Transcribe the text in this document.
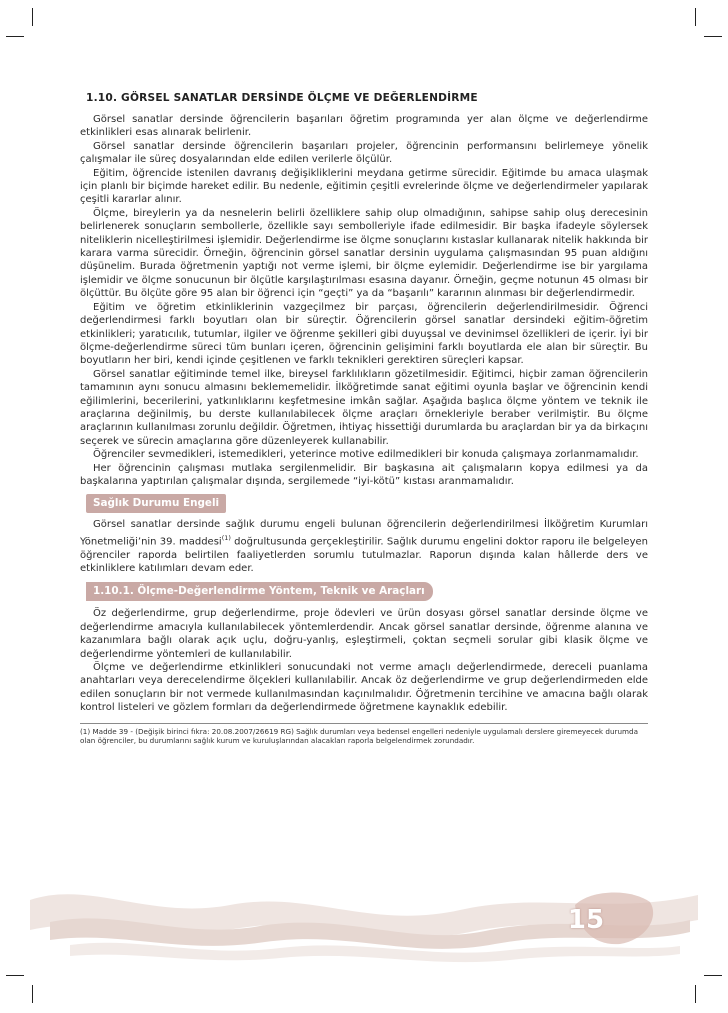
15
1.10. GÖRSEL SANATLAR DERSİNDE ÖLÇME VE DEĞERLENDİRME

Görsel sanatlar dersinde öğrencilerin başarıları öğretim programında yer alan ölçme ve değerlendirme etkinlikleri esas alınarak belirlenir.

Görsel sanatlar dersinde öğrencilerin başarıları projeler, öğrencinin performansını belirlemeye yönelik çalışmalar ile süreç dosyalarından elde edilen verilerle ölçülür.

Eğitim, öğrencide istenilen davranış değişikliklerini meydana getirme sürecidir. Eğitimde bu amaca ulaşmak için planlı bir biçimde hareket edilir. Bu nedenle, eğitimin çeşitli evrelerinde ölçme ve değerlendirmeler yapılarak çeşitli kararlar alınır.

Ölçme, bireylerin ya da nesnelerin belirli özelliklere sahip olup olmadığının, sahipse sahip oluş derecesinin belirlenerek sonuçların sembollerle, özellikle sayı sembolleriyle ifade edilmesidir. Bir başka ifadeyle söylersek niteliklerin nicelleştirilmesi işlemidir. Değerlendirme ise ölçme sonuçlarını kıstaslar kullanarak nitelik hakkında bir karara varma sürecidir. Örneğin, öğrencinin görsel sanatlar dersinin uygulama çalışmasından 95 puan aldığını düşünelim. Burada öğretmenin yaptığı not verme işlemi, bir ölçme eylemidir. Değerlendirme ise bir yargılama işlemidir ve ölçme sonucunun bir ölçütle karşılaştırılması esasına dayanır. Örneğin, geçme notunun 45 olması bir ölçüttür. Bu ölçüte göre 95 alan bir öğrenci için “geçti” ya da “başarılı” kararının alınması bir değerlendirmedir.

Eğitim ve öğretim etkinliklerinin vazgeçilmez bir parçası, öğrencilerin değerlendirilmesidir. Öğrenci değerlendirmesi farklı boyutları olan bir süreçtir. Öğrencilerin görsel sanatlar dersindeki eğitim-öğretim etkinlikleri; yaratıcılık, tutumlar, ilgiler ve öğrenme şekilleri gibi duyuşsal ve devinimsel özellikleri de içerir. İyi bir ölçme-değerlendirme süreci tüm bunları içeren, öğrencinin gelişimini farklı boyutlarda ele alan bir süreçtir. Bu boyutların her biri, kendi içinde çeşitlenen ve farklı teknikleri gerektiren süreçleri kapsar.

Görsel sanatlar eğitiminde temel ilke, bireysel farklılıkların gözetilmesidir. Eğitimci, hiçbir zaman öğrencilerin tamamının aynı sonucu almasını beklememelidir. İlköğretimde sanat eğitimi oyunla başlar ve öğrencinin kendi eğilimlerini, becerilerini, yatkınlıklarını keşfetmesine imkân sağlar. Aşağıda başlıca ölçme yöntem ve teknik ile araçlarına değinilmiş, bu derste kullanılabilecek ölçme araçları örnekleriyle beraber verilmiştir. Bu ölçme araçlarının kullanılması zorunlu değildir. Öğretmen, ihtiyaç hissettiği durumlarda bu araçlardan bir ya da birkaçını seçerek ve sürecin amaçlarına göre düzenleyerek kullanabilir.

Öğrenciler sevmedikleri, istemedikleri, yeterince motive edilmedikleri bir konuda çalışmaya zorlanmamalıdır.

Her öğrencinin çalışması mutlaka sergilenmelidir. Bir başkasına ait çalışmaların kopya edilmesi ya da başkalarına yaptırılan çalışmalar dışında, sergilemede “iyi-kötü” kıstası aranmamalıdır.

Sağlık Durumu Engeli

Görsel sanatlar dersinde sağlık durumu engeli bulunan öğrencilerin değerlendirilmesi İlköğretim Kurumları Yönetmeliği’nin 39. maddesi$^{(1)}$ doğrultusunda gerçekleştirilir. Sağlık durumu engelini doktor raporu ile belgeleyen öğrenciler raporda belirtilen faaliyetlerden sorumlu tutulmazlar. Raporun dışında kalan hâllerde ders ve etkinliklere katılımları devam eder.

1.10.1. Ölçme-Değerlendirme Yöntem, Teknik ve Araçları

Öz değerlendirme, grup değerlendirme, proje ödevleri ve ürün dosyası görsel sanatlar dersinde ölçme ve değerlendirme amacıyla kullanılabilecek yöntemlerdendir. Ancak görsel sanatlar dersinde, öğrenme alanına ve kazanımlara bağlı olarak açık uçlu, doğru-yanlış, eşleştirmeli, çoktan seçmeli sorular gibi klasik ölçme ve değerlendirme yöntemleri de kullanılabilir.

Ölçme ve değerlendirme etkinlikleri sonucundaki not verme amaçlı değerlendirmede, dereceli puanlama anahtarları veya derecelendirme ölçekleri kullanılabilir. Ancak öz değerlendirme ve grup değerlendirmeden elde edilen sonuçların bir not vermede kullanılmasından kaçınılmalıdır. Öğretmenin tercihine ve amacına bağlı olarak kontrol listeleri ve gözlem formları da değerlendirmede öğretmene kaynaklık edebilir.

(1) Madde 39 - (Değişik birinci fıkra: 20.08.2007/26619 RG) Sağlık durumları veya bedensel engelleri nedeniyle uygulamalı derslere giremeyecek durumda olan öğrenciler, bu durumlarını sağlık kurum ve kuruluşlarından alacakları raporla belgelendirmek zorundadır.
